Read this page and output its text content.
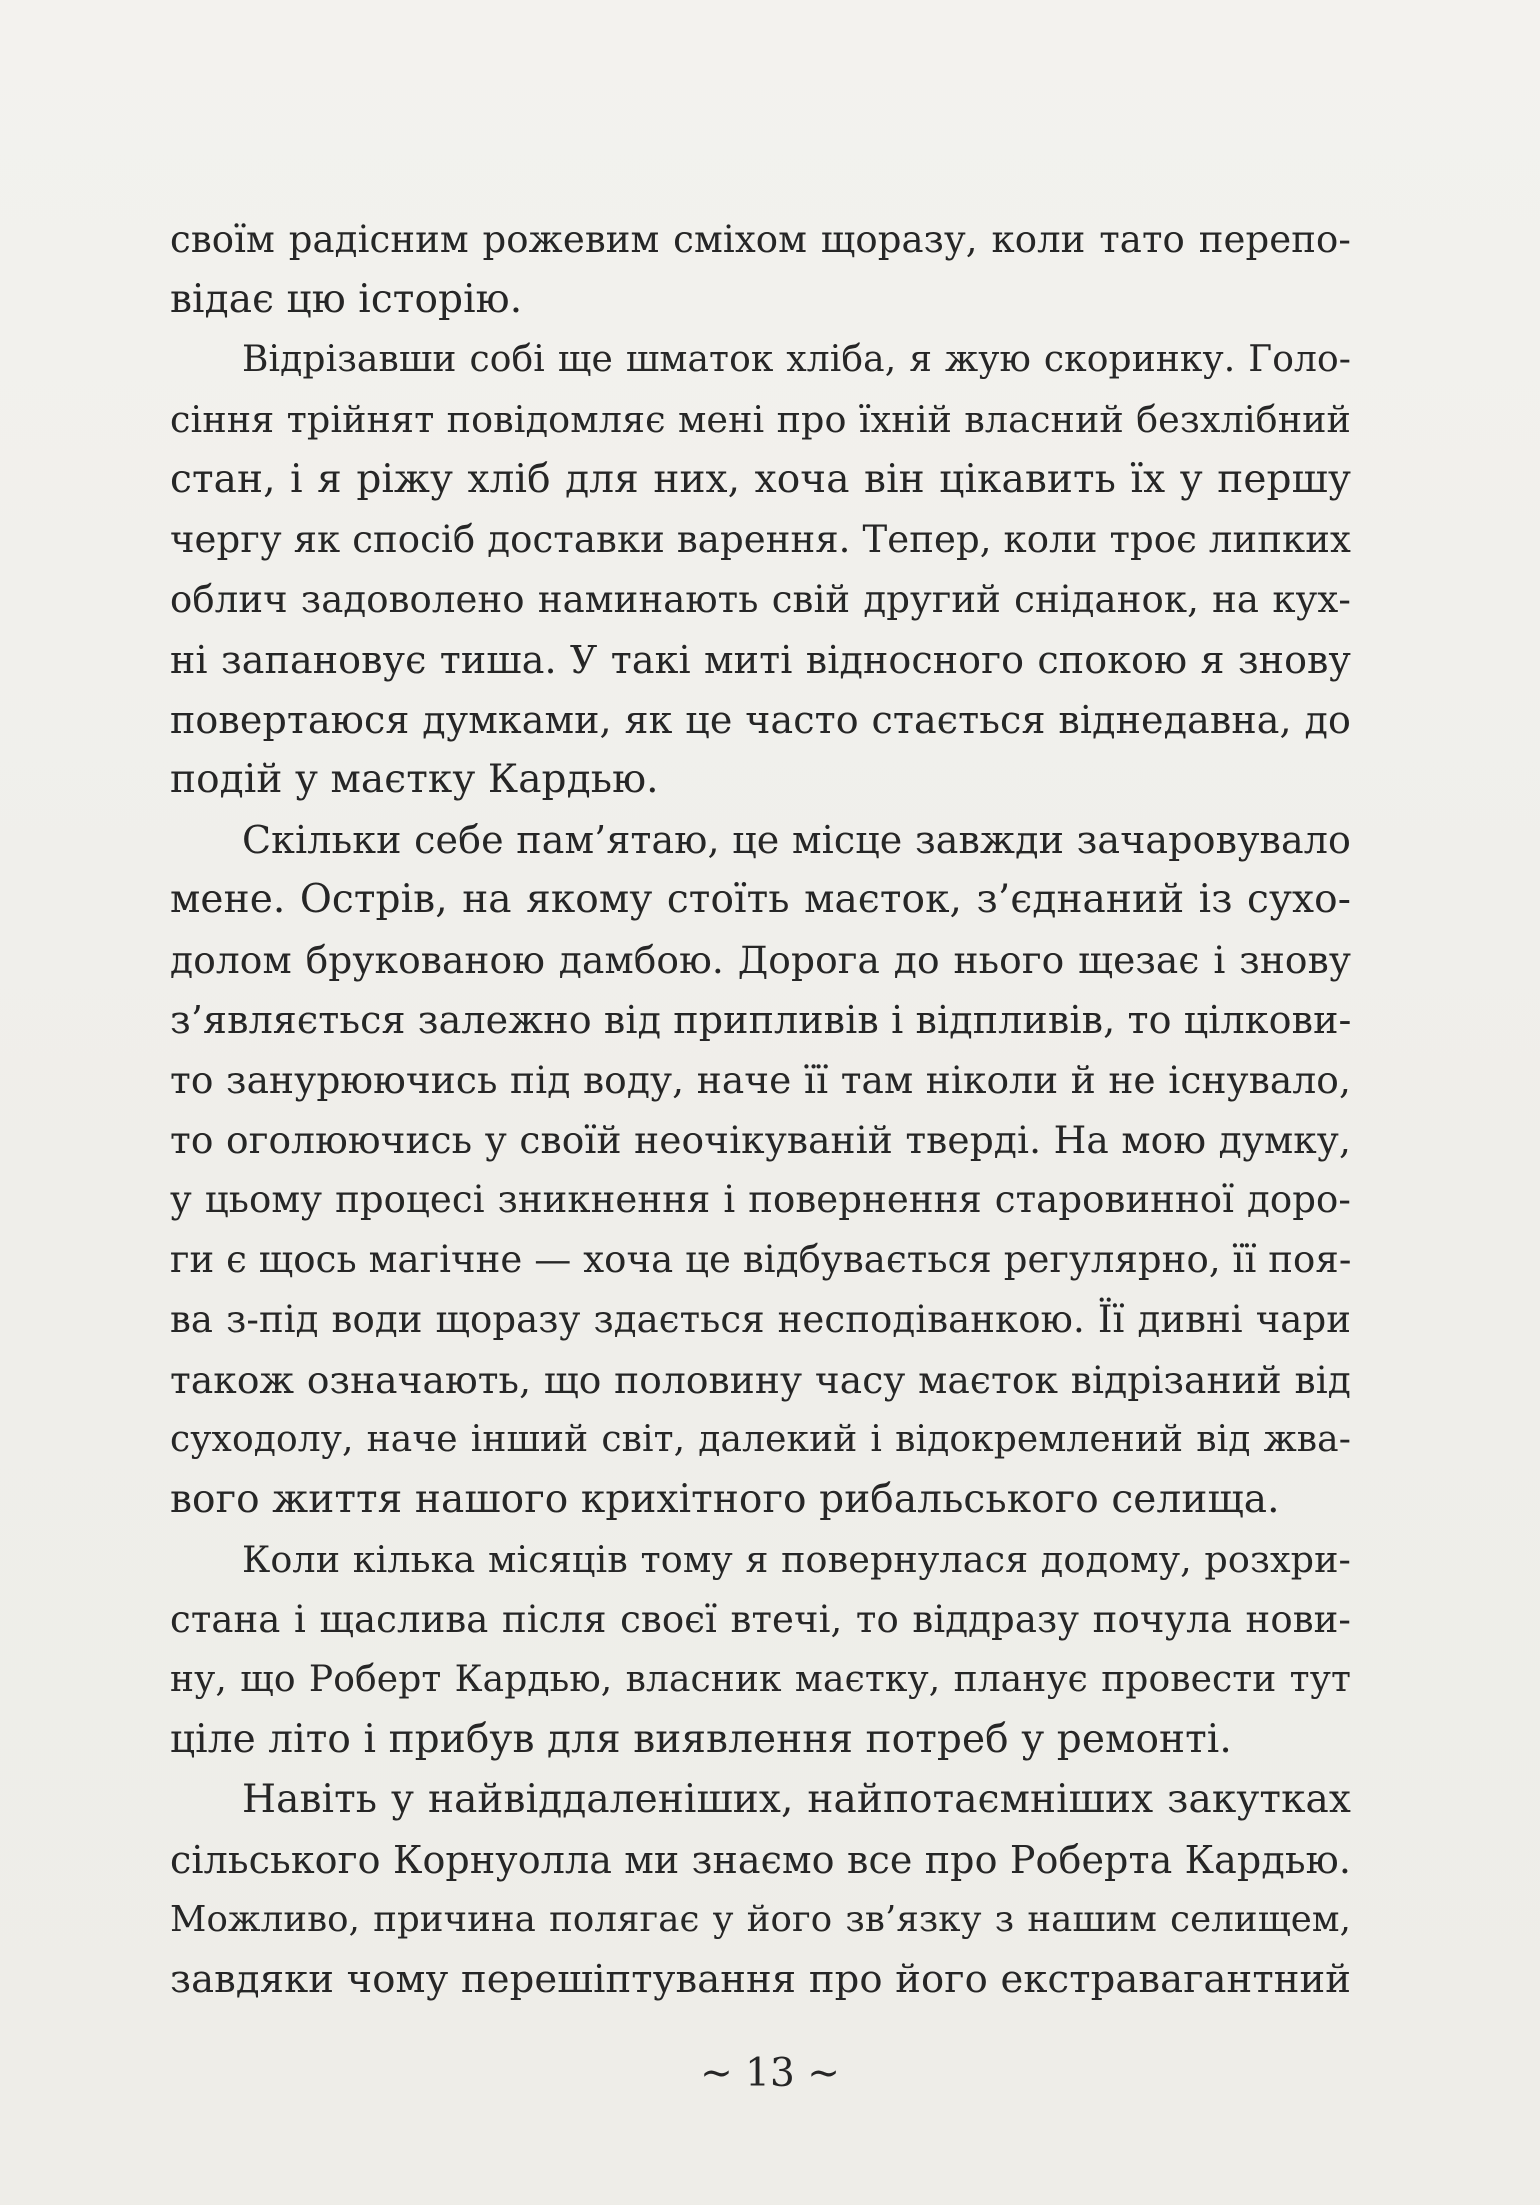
своїм радісним рожевим сміхом щоразу, коли тато перепо-
відає цю історію.
Відрізавши собі ще шматок хліба, я жую скоринку. Голо-
сіння трійнят повідомляє мені про їхній власний безхлібний
стан, і я ріжу хліб для них, хоча він цікавить їх у першу
чергу як спосіб доставки варення. Тепер, коли троє липких
облич задоволено наминають свій другий сніданок, на кух-
ні запановує тиша. У такі миті відносного спокою я знову
повертаюся думками, як це часто стається віднедавна, до
подій у маєтку Кардью.
Скільки себе пам’ятаю, це місце завжди зачаровувало
мене. Острів, на якому стоїть маєток, з’єднаний із сухо-
долом брукованою дамбою. Дорога до нього щезає і знову
з’являється залежно від припливів і відпливів, то цілкови-
то занурюючись під воду, наче її там ніколи й не існувало,
то оголюючись у своїй неочікуваній тверді. На мою думку,
у цьому процесі зникнення і повернення старовинної доро-
ги є щось магічне — хоча це відбувається регулярно, її поя-
ва з-під води щоразу здається несподіванкою. Її дивні чари
також означають, що половину часу маєток відрізаний від
суходолу, наче інший світ, далекий і відокремлений від жва-
вого життя нашого крихітного рибальського селища.
Коли кілька місяців тому я повернулася додому, розхри-
стана і щаслива після своєї втечі, то віддразу почула нови-
ну, що Роберт Кардью, власник маєтку, планує провести тут
ціле літо і прибув для виявлення потреб у ремонті.
Навіть у найвіддаленіших, найпотаємніших закутках
сільського Корнуолла ми знаємо все про Роберта Кардью.
Можливо, причина полягає у його зв’язку з нашим селищем,
завдяки чому перешіптування про його екстравагантний
~ 13 ~
